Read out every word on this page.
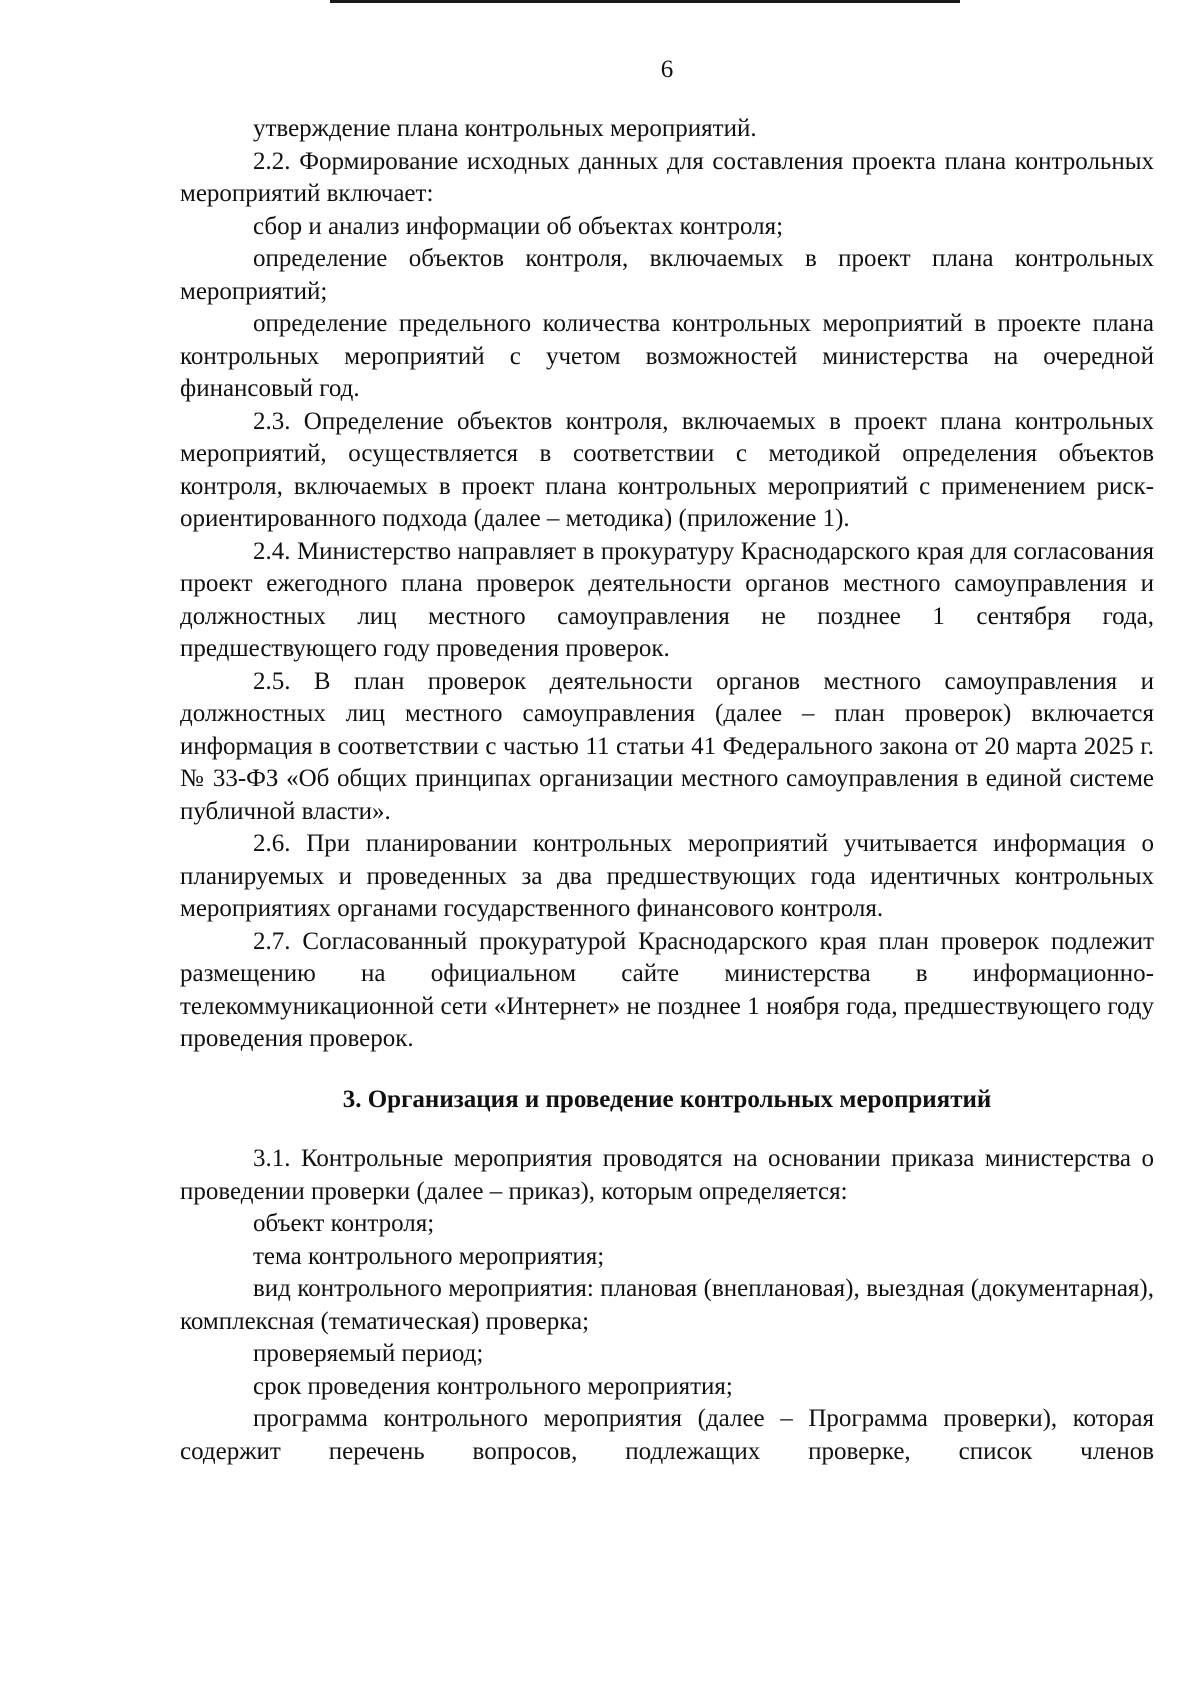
6

утверждение плана контрольных мероприятий.

2.2. Формирование исходных данных для составления проекта плана контрольных мероприятий включает:

сбор и анализ информации об объектах контроля;

определение объектов контроля, включаемых в проект плана контрольных мероприятий;

определение предельного количества контрольных мероприятий в проекте плана контрольных мероприятий с учетом возможностей министерства на очередной финансовый год.

2.3. Определение объектов контроля, включаемых в проект плана контрольных мероприятий, осуществляется в соответствии с методикой определения объектов контроля, включаемых в проект плана контрольных мероприятий с применением риск-ориентированного подхода (далее – методика) (приложение 1).

2.4. Министерство направляет в прокуратуру Краснодарского края для согласования проект ежегодного плана проверок деятельности органов местного самоуправления и должностных лиц местного самоуправления не позднее 1 сентября года, предшествующего году проведения проверок.

2.5. В план проверок деятельности органов местного самоуправления и должностных лиц местного самоуправления (далее – план проверок) включается информация в соответствии с частью 11 статьи 41 Федерального закона от 20 марта 2025 г. № 33-ФЗ «Об общих принципах организации местного самоуправления в единой системе публичной власти».

2.6. При планировании контрольных мероприятий учитывается информация о планируемых и проведенных за два предшествующих года идентичных контрольных мероприятиях органами государственного финансового контроля.

2.7. Согласованный прокуратурой Краснодарского края план проверок подлежит размещению на официальном сайте министерства в информационно-телекоммуникационной сети «Интернет» не позднее 1 ноября года, предшествующего году проведения проверок.

3. Организация и проведение контрольных мероприятий

3.1. Контрольные мероприятия проводятся на основании приказа министерства о проведении проверки (далее – приказ), которым определяется:

объект контроля;

тема контрольного мероприятия;

вид контрольного мероприятия: плановая (внеплановая), выездная (документарная), комплексная (тематическая) проверка;

проверяемый период;

срок проведения контрольного мероприятия;

программа контрольного мероприятия (далее – Программа проверки), которая содержит перечень вопросов, подлежащих проверке, список членов
